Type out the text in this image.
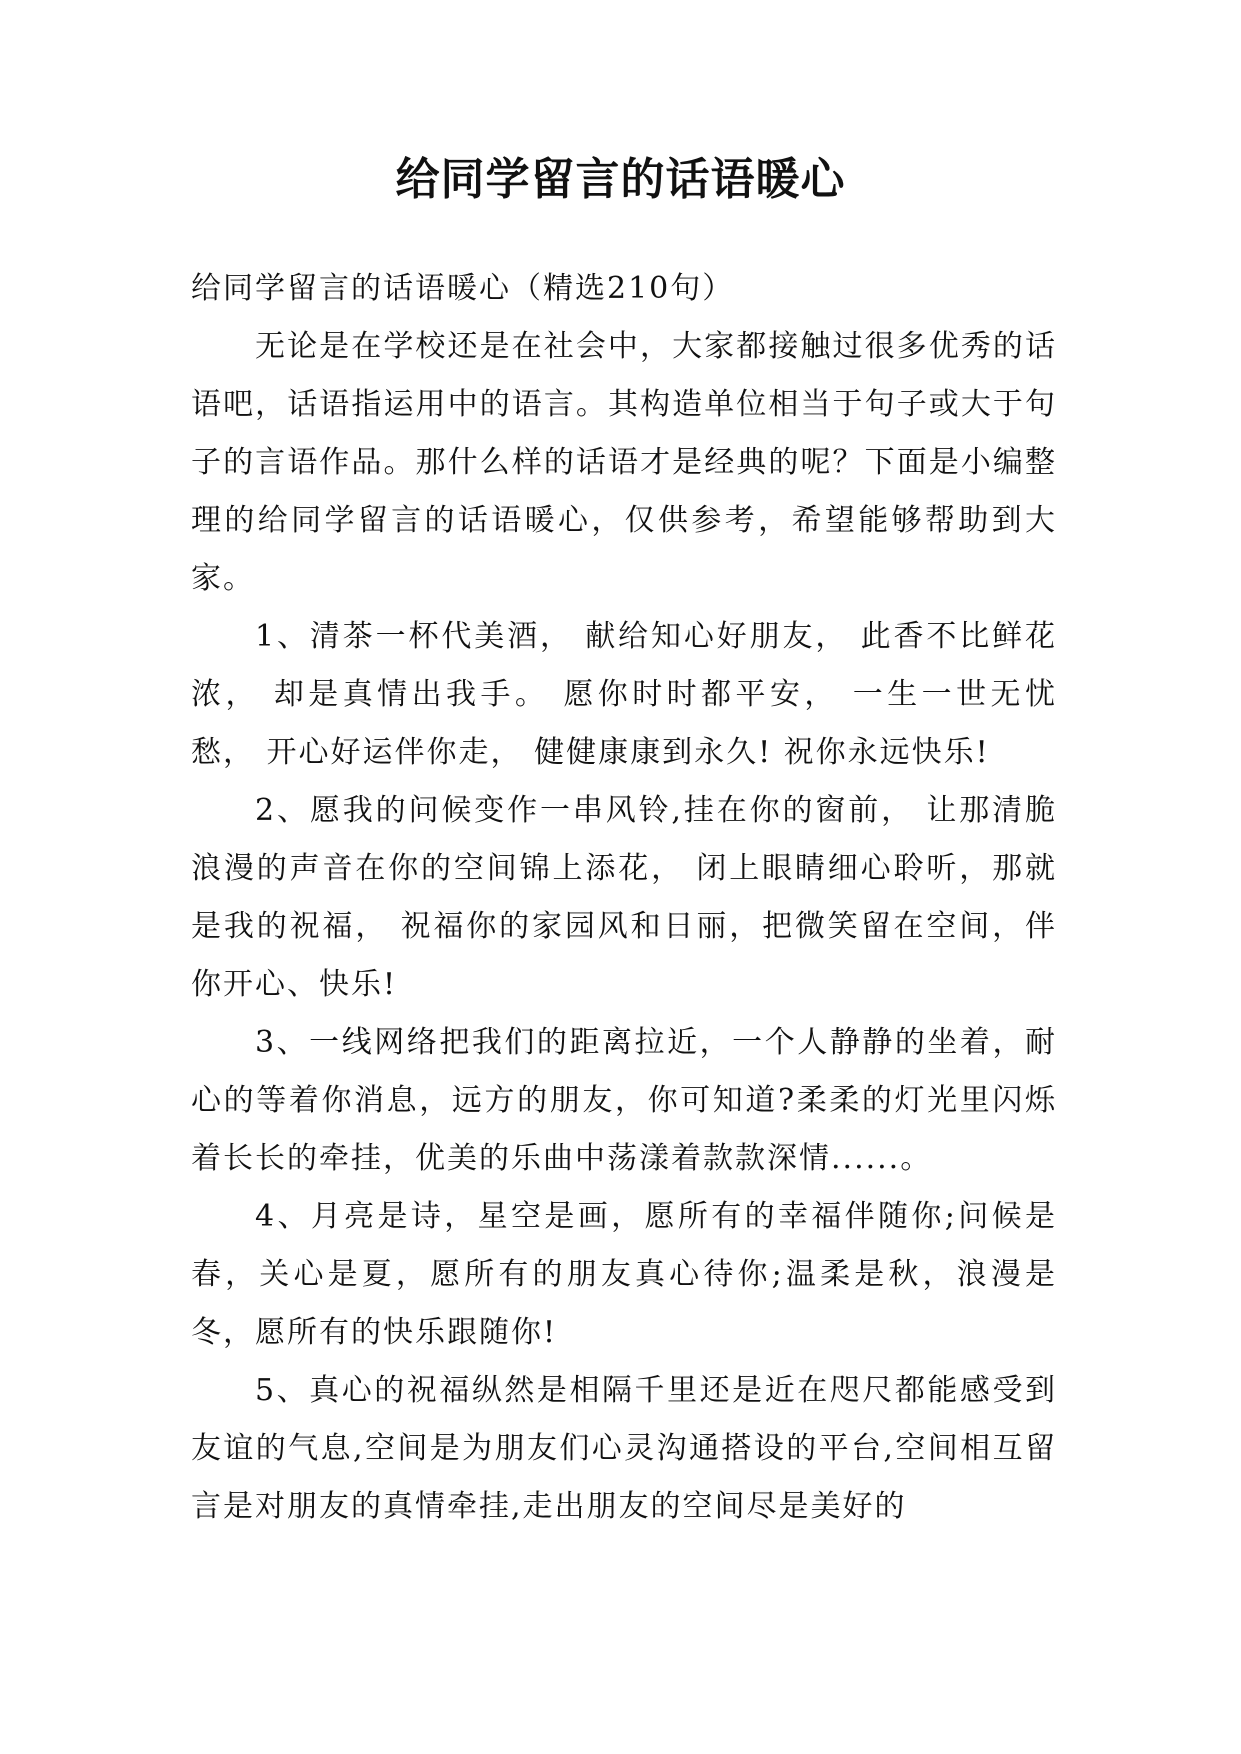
给同学留言的话语暖心

给同学留言的话语暖心（精选210句）

无论是在学校还是在社会中，大家都接触过很多优秀的话语吧，话语指运用中的语言。其构造单位相当于句子或大于句子的言语作品。那什么样的话语才是经典的呢？下面是小编整理的给同学留言的话语暖心，仅供参考，希望能够帮助到大家。

1、清茶一杯代美酒， 献给知心好朋友， 此香不比鲜花浓， 却是真情出我手。 愿你时时都平安， 一生一世无忧愁， 开心好运伴你走， 健健康康到永久! 祝你永远快乐!

2、愿我的问候变作一串风铃,挂在你的窗前， 让那清脆浪漫的声音在你的空间锦上添花， 闭上眼睛细心聆听，那就是我的祝福， 祝福你的家园风和日丽，把微笑留在空间，伴你开心、快乐!

3、一线网络把我们的距离拉近，一个人静静的坐着，耐心的等着你消息，远方的朋友，你可知道?柔柔的灯光里闪烁着长长的牵挂，优美的乐曲中荡漾着款款深情......。

4、月亮是诗，星空是画，愿所有的幸福伴随你;问候是春，关心是夏，愿所有的朋友真心待你;温柔是秋，浪漫是冬，愿所有的快乐跟随你!

5、真心的祝福纵然是相隔千里还是近在咫尺都能感受到友谊的气息,空间是为朋友们心灵沟通搭设的平台,空间相互留言是对朋友的真情牵挂,走出朋友的空间尽是美好的
